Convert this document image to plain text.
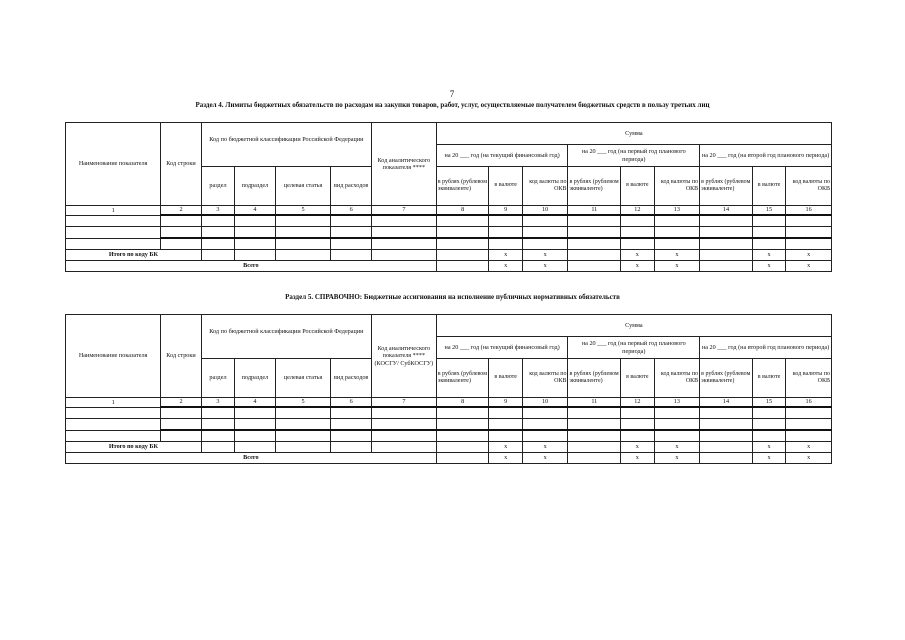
7
Раздел 4. Лимиты бюджетных обязательств по расходам на закупки товаров, работ, услуг, осуществляемые получателем бюджетных средств в пользу третьих лиц
Раздел 5. СПРАВОЧНО: Бюджетные ассигнования на исполнение публичных нормативных обязательств
Наименование показателя	Код строки	Код по бюджетной классификации Российской Федерации				Код аналитического показателя ****	Сумма								
							на 20 ___ год (на текущий финансовый год)			на 20 ___ год (на первый год планового периода)			на 20 ___ год (на второй год планового периода)		
		раздел	подраздел	целевая статья	вид расходов		в рублях (рублевом эквиваленте)	в валюте	код валюты по ОКВ	в рублях (рублевом эквиваленте)	в валюте	код валюты по ОКВ	в рублях (рублевом эквиваленте)	в валюте	код валюты по ОКВ
1	2	3	4	5	6	7	8	9	10	11	12	13	14	15	16

Итого по коду БК								x	x		x	x		x	x
Всего								x	x		x	x		x	x
Наименование показателя	Код строки	Код по бюджетной классификации Российской Федерации				Код аналитического показателя **** (КОСГУ/ СубКОСГУ)	Сумма								
							на 20 ___ год (на текущий финансовый год)			на 20 ___ год (на первый год планового периода)			на 20 ___ год (на второй год планового периода)		
		раздел	подраздел	целевая статья	вид расходов		в рублях (рублевом эквиваленте)	в валюте	код валюты по ОКВ	в рублях (рублевом эквиваленте)	в валюте	код валюты по ОКВ	в рублях (рублевом эквиваленте)	в валюте	код валюты по ОКВ
1	2	3	4	5	6	7	8	9	10	11	12	13	14	15	16

Итого по коду БК								x	x		x	x		x	x
Всего								x	x		x	x		x	x
